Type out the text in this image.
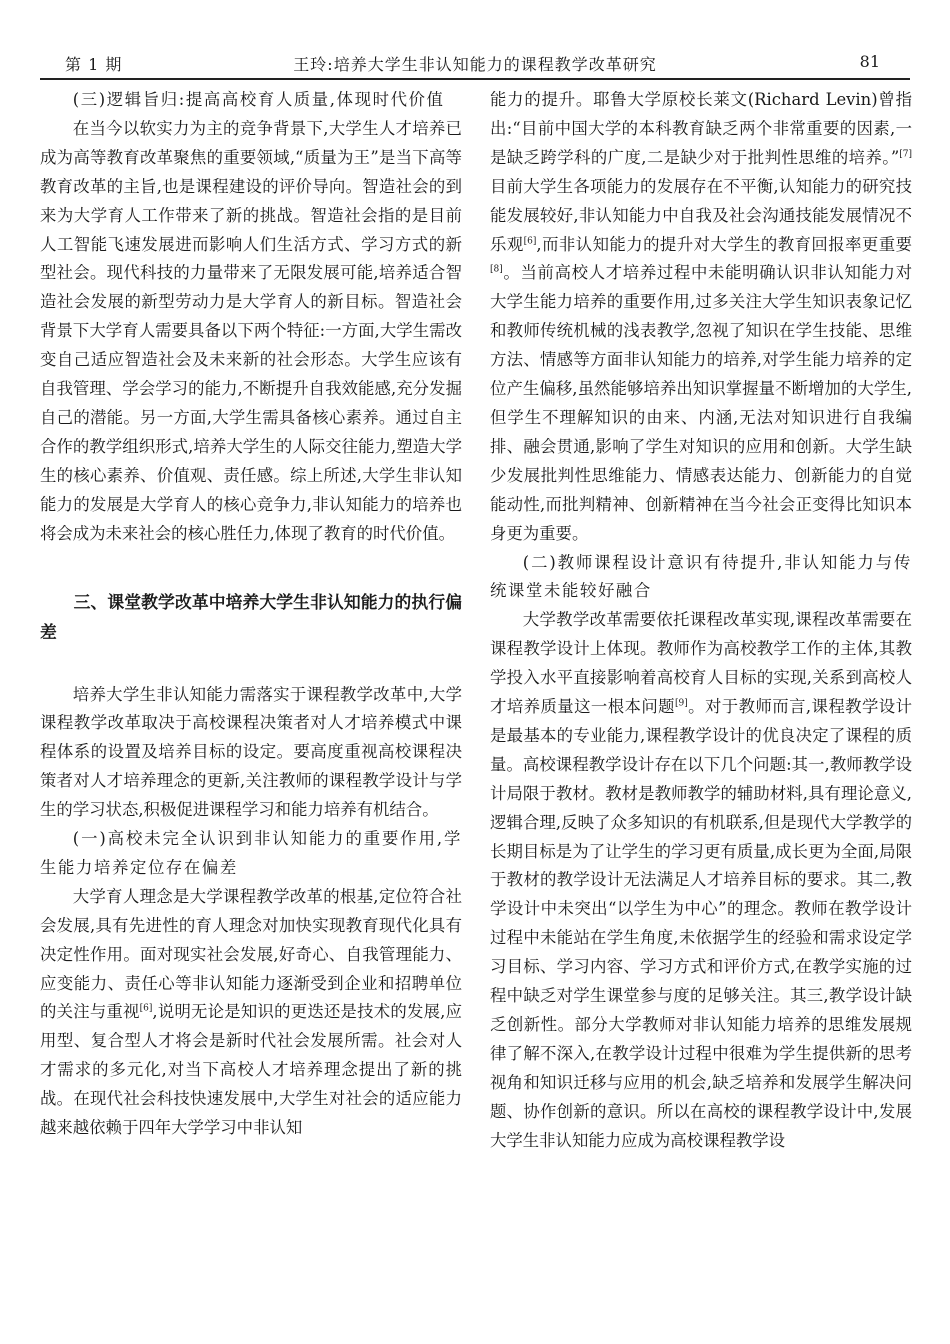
王玲:培养大学生非认知能力的课程教学改革研究
第 1 期	81

(三)逻辑旨归:提高高校育人质量,体现时代价值

在当今以软实力为主的竞争背景下,大学生人才培养已成为高等教育改革聚焦的重要领域,“质量为王”是当下高等教育改革的主旨,也是课程建设的评价导向。智造社会的到来为大学育人工作带来了新的挑战。智造社会指的是目前人工智能飞速发展进而影响人们生活方式、学习方式的新型社会。现代科技的力量带来了无限发展可能,培养适合智造社会发展的新型劳动力是大学育人的新目标。智造社会背景下大学育人需要具备以下两个特征:一方面,大学生需改变自己适应智造社会及未来新的社会形态。大学生应该有自我管理、学会学习的能力,不断提升自我效能感,充分发掘自己的潜能。另一方面,大学生需具备核心素养。通过自主合作的教学组织形式,培养大学生的人际交往能力,塑造大学生的核心素养、价值观、责任感。综上所述,大学生非认知能力的发展是大学育人的核心竞争力,非认知能力的培养也将会成为未来社会的核心胜任力,体现了教育的时代价值。

三、课堂教学改革中培养大学生非认知能力的执行偏差

培养大学生非认知能力需落实于课程教学改革中,大学课程教学改革取决于高校课程决策者对人才培养模式中课程体系的设置及培养目标的设定。要高度重视高校课程决策者对人才培养理念的更新,关注教师的课程教学设计与学生的学习状态,积极促进课程学习和能力培养有机结合。

(一)高校未完全认识到非认知能力的重要作用,学生能力培养定位存在偏差

大学育人理念是大学课程教学改革的根基,定位符合社会发展,具有先进性的育人理念对加快实现教育现代化具有决定性作用。面对现实社会发展,好奇心、自我管理能力、应变能力、责任心等非认知能力逐渐受到企业和招聘单位的关注与重视[6],说明无论是知识的更迭还是技术的发展,应用型、复合型人才将会是新时代社会发展所需。社会对人才需求的多元化,对当下高校人才培养理念提出了新的挑战。在现代社会科技快速发展中,大学生对社会的适应能力越来越依赖于四年大学学习中非认知

能力的提升。耶鲁大学原校长莱文(Richard Levin)曾指出:“目前中国大学的本科教育缺乏两个非常重要的因素,一是缺乏跨学科的广度,二是缺少对于批判性思维的培养。”[7]目前大学生各项能力的发展存在不平衡,认知能力的研究技能发展较好,非认知能力中自我及社会沟通技能发展情况不乐观[6],而非认知能力的提升对大学生的教育回报率更重要[8]。当前高校人才培养过程中未能明确认识非认知能力对大学生能力培养的重要作用,过多关注大学生知识表象记忆和教师传统机械的浅表教学,忽视了知识在学生技能、思维方法、情感等方面非认知能力的培养,对学生能力培养的定位产生偏移,虽然能够培养出知识掌握量不断增加的大学生,但学生不理解知识的由来、内涵,无法对知识进行自我编排、融会贯通,影响了学生对知识的应用和创新。大学生缺少发展批判性思维能力、情感表达能力、创新能力的自觉能动性,而批判精神、创新精神在当今社会正变得比知识本身更为重要。

(二)教师课程设计意识有待提升,非认知能力与传统课堂未能较好融合

大学教学改革需要依托课程改革实现,课程改革需要在课程教学设计上体现。教师作为高校教学工作的主体,其教学投入水平直接影响着高校育人目标的实现,关系到高校人才培养质量这一根本问题[9]。对于教师而言,课程教学设计是最基本的专业能力,课程教学设计的优良决定了课程的质量。高校课程教学设计存在以下几个问题:其一,教师教学设计局限于教材。教材是教师教学的辅助材料,具有理论意义,逻辑合理,反映了众多知识的有机联系,但是现代大学教学的长期目标是为了让学生的学习更有质量,成长更为全面,局限于教材的教学设计无法满足人才培养目标的要求。其二,教学设计中未突出“以学生为中心”的理念。教师在教学设计过程中未能站在学生角度,未依据学生的经验和需求设定学习目标、学习内容、学习方式和评价方式,在教学实施的过程中缺乏对学生课堂参与度的足够关注。其三,教学设计缺乏创新性。部分大学教师对非认知能力培养的思维发展规律了解不深入,在教学设计过程中很难为学生提供新的思考视角和知识迁移与应用的机会,缺乏培养和发展学生解决问题、协作创新的意识。所以在高校的课程教学设计中,发展大学生非认知能力应成为高校课程教学设
